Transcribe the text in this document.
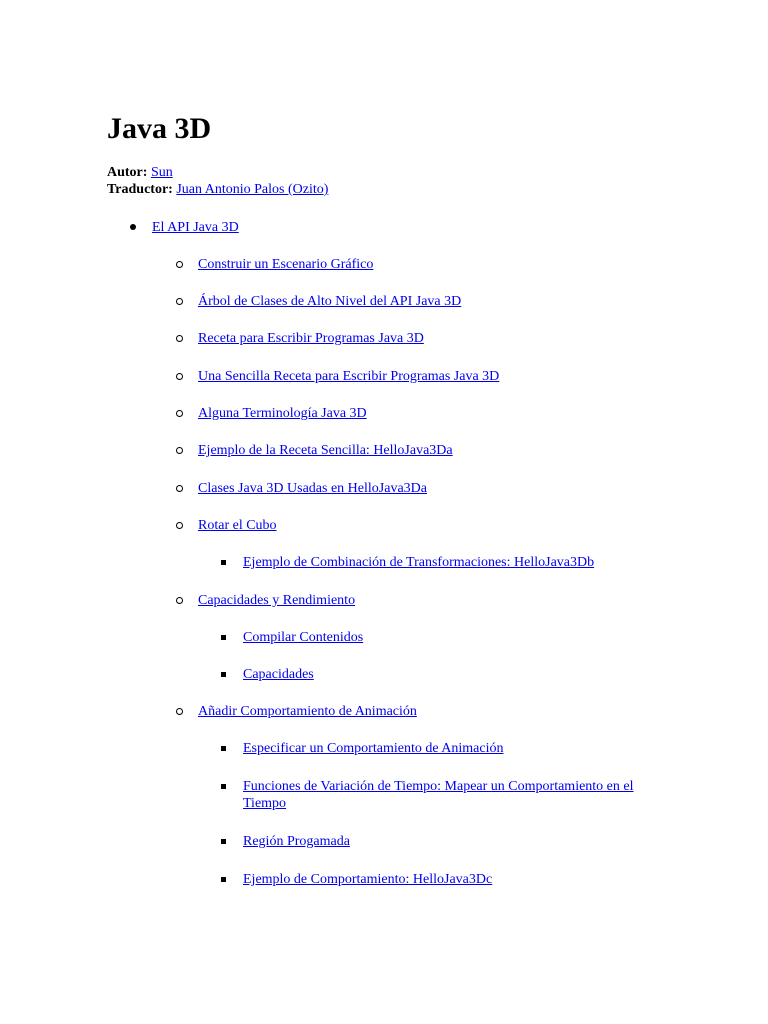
Java 3D
Autor: Sun
Traductor: Juan Antonio Palos (Ozito)
El API Java 3D
Construir un Escenario Gráfico
Árbol de Clases de Alto Nivel del API Java 3D
Receta para Escribir Programas Java 3D
Una Sencilla Receta para Escribir Programas Java 3D
Alguna Terminología Java 3D
Ejemplo de la Receta Sencilla: HelloJava3Da
Clases Java 3D Usadas en HelloJava3Da
Rotar el Cubo
Ejemplo de Combinación de Transformaciones: HelloJava3Db
Capacidades y Rendimiento
Compilar Contenidos
Capacidades
Añadir Comportamiento de Animación
Especificar un Comportamiento de Animación
Funciones de Variación de Tiempo: Mapear un Comportamiento en el Tiempo
Región Progamada
Ejemplo de Comportamiento: HelloJava3Dc
